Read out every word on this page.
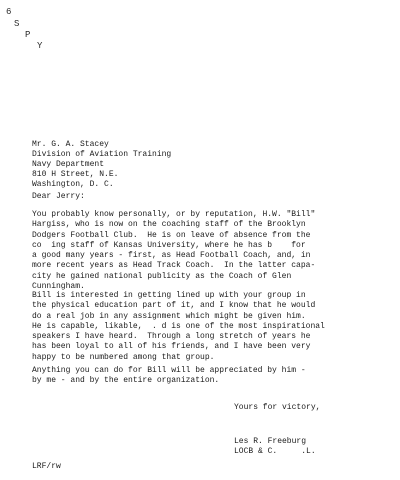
6
S
P
Y
Mr. G. A. Stacey
Division of Aviation Training
Navy Department
810 H Street, N.E.
Washington, D. C.
Dear Jerry:
You probably know personally, or by reputation, H.W. "Bill"
Hargiss, who is now on the coaching staff of the Brooklyn
Dodgers Football Club.  He is on leave of absence from the
co  ing staff of Kansas University, where he has b    for
a good many years - first, as Head Football Coach, and, in
more recent years as Head Track Coach.  In the latter capa-
city he gained national publicity as the Coach of Glen
Cunningham.
Bill is interested in getting lined up with your group in
the physical education part of it, and I know that he would
do a real job in any assignment which might be given him.
He is capable, likable,  . d is one of the most inspirational
speakers I have heard.  Through a long stretch of years he
has been loyal to all of his friends, and I have been very
happy to be numbered among that group.
Anything you can do for Bill will be appreciated by him -
by me - and by the entire organization.
Yours for victory,
Les R. Freeburg
LOCB & C.     .L.
LRF/rw
